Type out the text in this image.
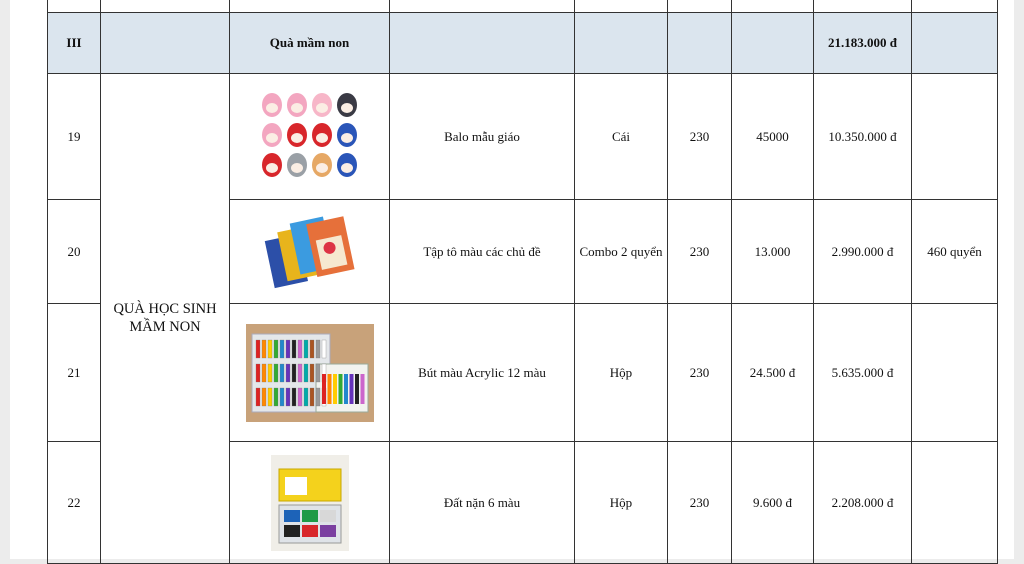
III		Quà mầm non					21.183.000 đ	
19	QUÀ HỌC SINH MẦM NON		Balo mẫu giáo	Cái	230	45000	10.350.000 đ	
20			Tập tô màu các chủ đề	Combo 2 quyển	230	13.000	2.990.000 đ	460 quyển
21			Bút màu Acrylic 12 màu	Hộp	230	24.500 đ	5.635.000 đ	
22			Đất nặn 6 màu	Hộp	230	9.600 đ	2.208.000 đ	
